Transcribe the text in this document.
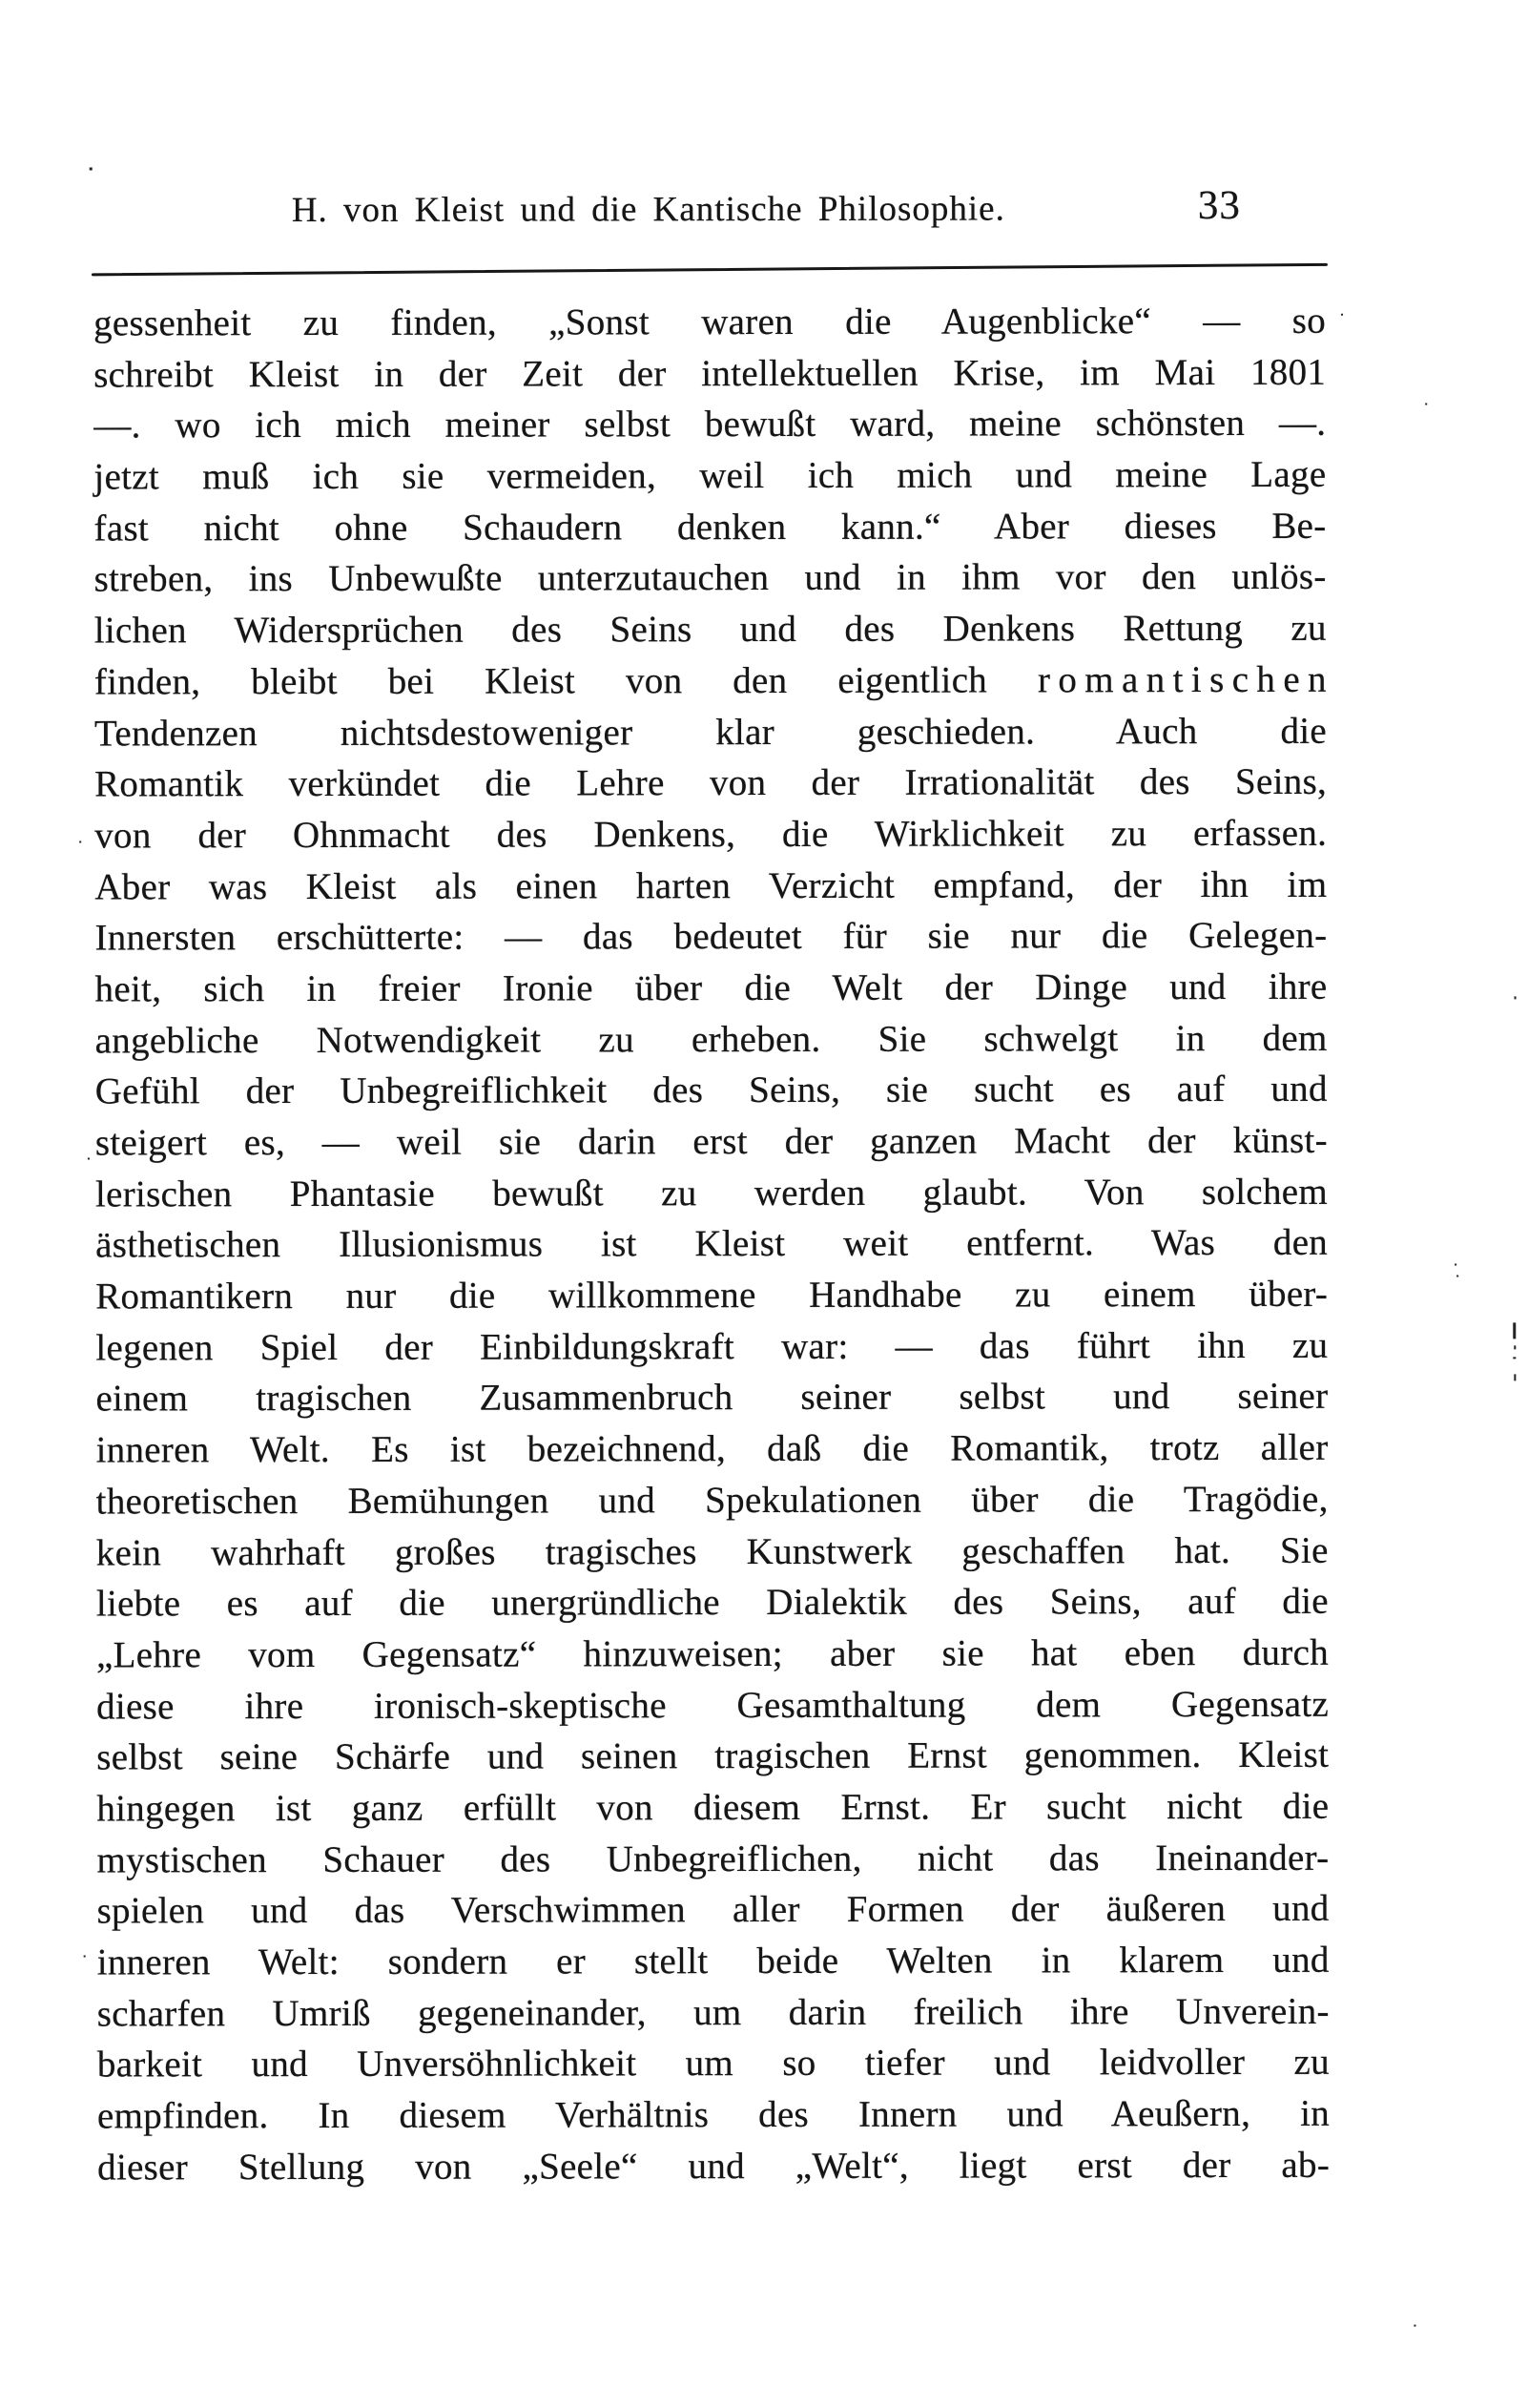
H. von Kleist und die Kantische Philosophie.	33
gessenheit zu finden, „Sonst waren die Augenblicke“ — so
schreibt Kleist in der Zeit der intellektuellen Krise, im Mai 1801
—. wo ich mich meiner selbst bewußt ward, meine schönsten —.
jetzt muß ich sie vermeiden, weil ich mich und meine Lage
fast nicht ohne Schaudern denken kann.“ Aber dieses Be-
streben, ins Unbewußte unterzutauchen und in ihm vor den unlös-
lichen Widersprüchen des Seins und des Denkens Rettung zu
finden, bleibt bei Kleist von den eigentlich r o m a n t i s c h e n
Tendenzen nichtsdestoweniger klar geschieden. Auch die
Romantik verkündet die Lehre von der Irrationalität des Seins,
von der Ohnmacht des Denkens, die Wirklichkeit zu erfassen.
Aber was Kleist als einen harten Verzicht empfand, der ihn im
Innersten erschütterte: — das bedeutet für sie nur die Gelegen-
heit, sich in freier Ironie über die Welt der Dinge und ihre
angebliche Notwendigkeit zu erheben. Sie schwelgt in dem
Gefühl der Unbegreiflichkeit des Seins, sie sucht es auf und
steigert es, — weil sie darin erst der ganzen Macht der künst-
lerischen Phantasie bewußt zu werden glaubt. Von solchem
ästhetischen Illusionismus ist Kleist weit entfernt. Was den
Romantikern nur die willkommene Handhabe zu einem über-
legenen Spiel der Einbildungskraft war: — das führt ihn zu
einem tragischen Zusammenbruch seiner selbst und seiner
inneren Welt. Es ist bezeichnend, daß die Romantik, trotz aller
theoretischen Bemühungen und Spekulationen über die Tragödie,
kein wahrhaft großes tragisches Kunstwerk geschaffen hat. Sie
liebte es auf die unergründliche Dialektik des Seins, auf die
„Lehre vom Gegensatz“ hinzuweisen; aber sie hat eben durch
diese ihre ironisch-skeptische Gesamthaltung dem Gegensatz
selbst seine Schärfe und seinen tragischen Ernst genommen. Kleist
hingegen ist ganz erfüllt von diesem Ernst. Er sucht nicht die
mystischen Schauer des Unbegreiflichen, nicht das Ineinander-
spielen und das Verschwimmen aller Formen der äußeren und
inneren Welt: sondern er stellt beide Welten in klarem und
scharfen Umriß gegeneinander, um darin freilich ihre Unverein-
barkeit und Unversöhnlichkeit um so tiefer und leidvoller zu
empfinden. In diesem Verhältnis des Innern und Aeußern, in
dieser Stellung von „Seele“ und „Welt“, liegt erst der ab-
